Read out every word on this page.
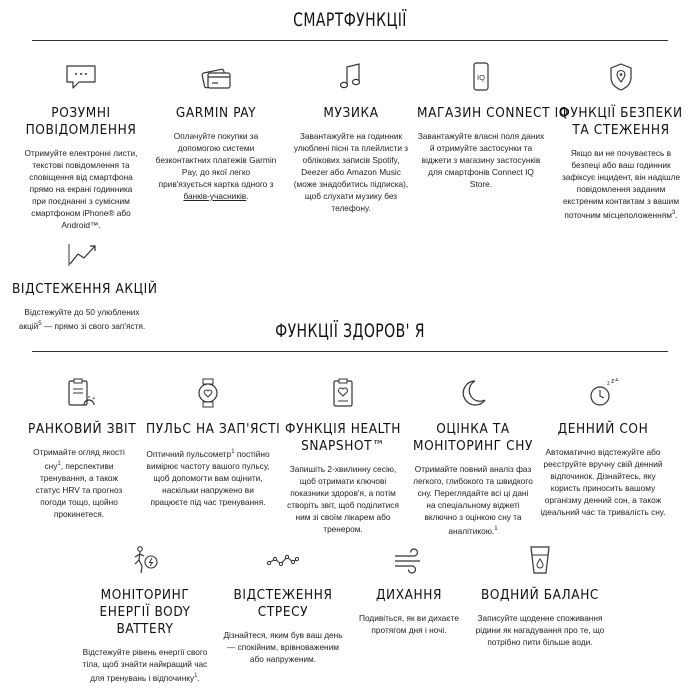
СМАРТФУНКЦІЇ
РОЗУМНІ ПОВІДОМЛЕННЯ
Отримуйте електронні листи, текстові повідомлення та сповіщення від смартфона прямо на екрані годинника при поєднанні з сумісним смартфоном iPhone® або Android™.
GARMIN PAY
Оплачуйте покупки за допомогою системи безконтактних платежів Garmin Pay, до якої легко прив'язується картка одного з банків-учасників.
МУЗИКА
Завантажуйте на годинник улюблені пісні та плейлисти з облікових записів Spotify, Deezer або Amazon Music (може знадобитись підписка), щоб слухати музику без телефону.
IQ
МАГАЗИН CONNECT IQ
Завантажуйте власні поля даних й отримуйте застосунки та віджети з магазину застосунків для смартфонів Connect IQ Store.
ФУНКЦІЇ БЕЗПЕКИ ТА СТЕЖЕННЯ
Якщо ви не почуваєтесь в безпеці або ваш годинник зафіксує інцидент, він надішле повідомлення заданим екстреним контактам з вашим поточним місцеположенням$^3$.
ВІДСТЕЖЕННЯ АКЦІЙ
Відстежуйте до 50 улюблених акцій$^5$ — прямо зі свого зап'ястя.	ФУНКЦІЇ ЗДОРОВ' Я
РАНКОВИЙ ЗВІТ
Отримайте огляд якості сну$^1$, перспективи тренування, а також статус HRV та прогноз погоди тощо, щойно прокинетеся.
ПУЛЬС НА ЗАП'ЯСТІ
Оптичний пульсометр$^1$ постійно вимірює частоту вашого пульсу, щоб допомогти вам оцінити, наскільки напружено ви працюєте під час тренування.
ФУНКЦІЯ HEALTH SNAPSHOT™
Запишіть 2-хвилинну сесію, щоб отримати ключові показники здоров'я, а потім створіть звіт, щоб поділитися ним зі своїм лікарем або тренером.
ОЦІНКА ТА МОНІТОРИНГ СНУ
Отримайте повний аналіз фаз легкого, глибокого та швидкого сну. Переглядайте всі ці дані на спеціальному віджеті включно з оцінкою сну та аналітикою.$^1$
z z z
ДЕННИЙ СОН
Автоматично відстежуйте або реєструйте вручну свій денний відпочинок. Дізнайтесь, яку користь приносить вашому організму денний сон, а також ідеальний час та тривалість сну.
МОНІТОРИНГ ЕНЕРГІЇ BODY BATTERY
Відстежуйте рівень енергії свого тіла, щоб знайти найкращий час для тренувань і відпочинку$^1$.
ВІДСТЕЖЕННЯ СТРЕСУ
Дізнайтеся, яким був ваш день — спокійним, врівноваженим або напруженим.
ДИХАННЯ
Подивіться, як ви дихаєте протягом дня і ночі.
ВОДНИЙ БАЛАНС
Записуйте щоденне споживання рідини як нагадування про те, що потрібно пити більше води.
